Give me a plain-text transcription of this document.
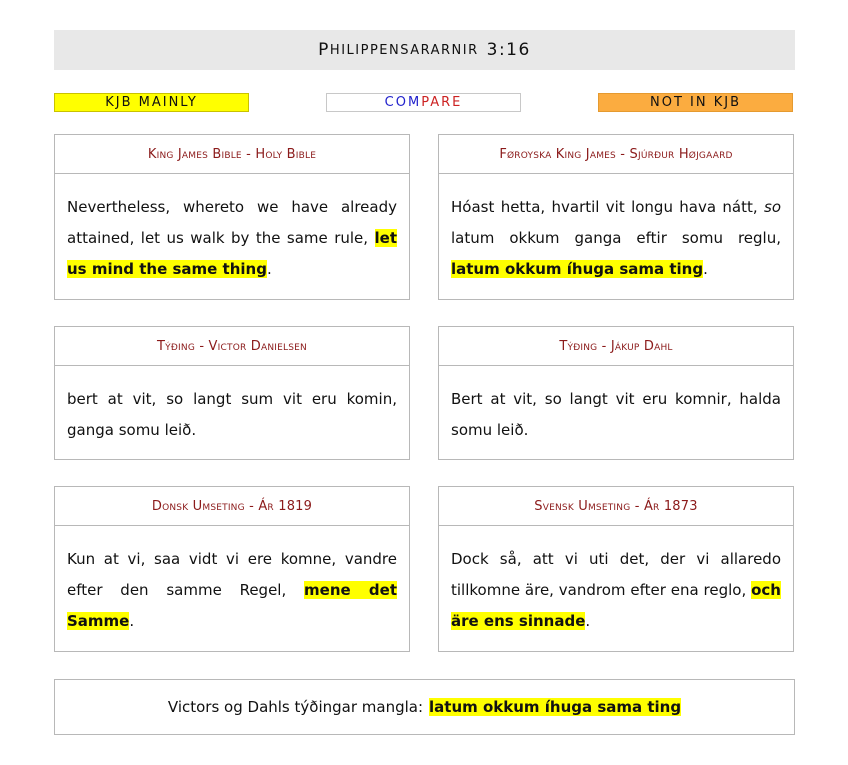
P HILIPPENSARARNIR 3:16
KJB MAINLY	COM PARE	NOT IN KJB
King James Bible - Holy Bible
Nevertheless, whereto we have already attained, let us walk by the same rule, let us mind the same thing.
Føroyska King James - Sjúrður Højgaard
Hóast hetta, hvartil vit longu hava nátt, so latum okkum ganga eftir somu reglu, latum okkum íhuga sama ting.
Týðing - Victor Danielsen
bert at vit, so langt sum vit eru komin, ganga somu leið.
Týðing - Jákup Dahl
Bert at vit, so langt vit eru komnir, halda somu leið.
Donsk Umseting - Ár 1819
Kun at vi, saa vidt vi ere komne, vandre efter den samme Regel, mene det Samme.
Svensk Umseting - Ár 1873
Dock så, att vi uti det, der vi allaredo tillkomne äre, vandrom efter ena reglo, och äre ens sinnade.
Victors og Dahls týðingar mangla: latum okkum íhuga sama ting
